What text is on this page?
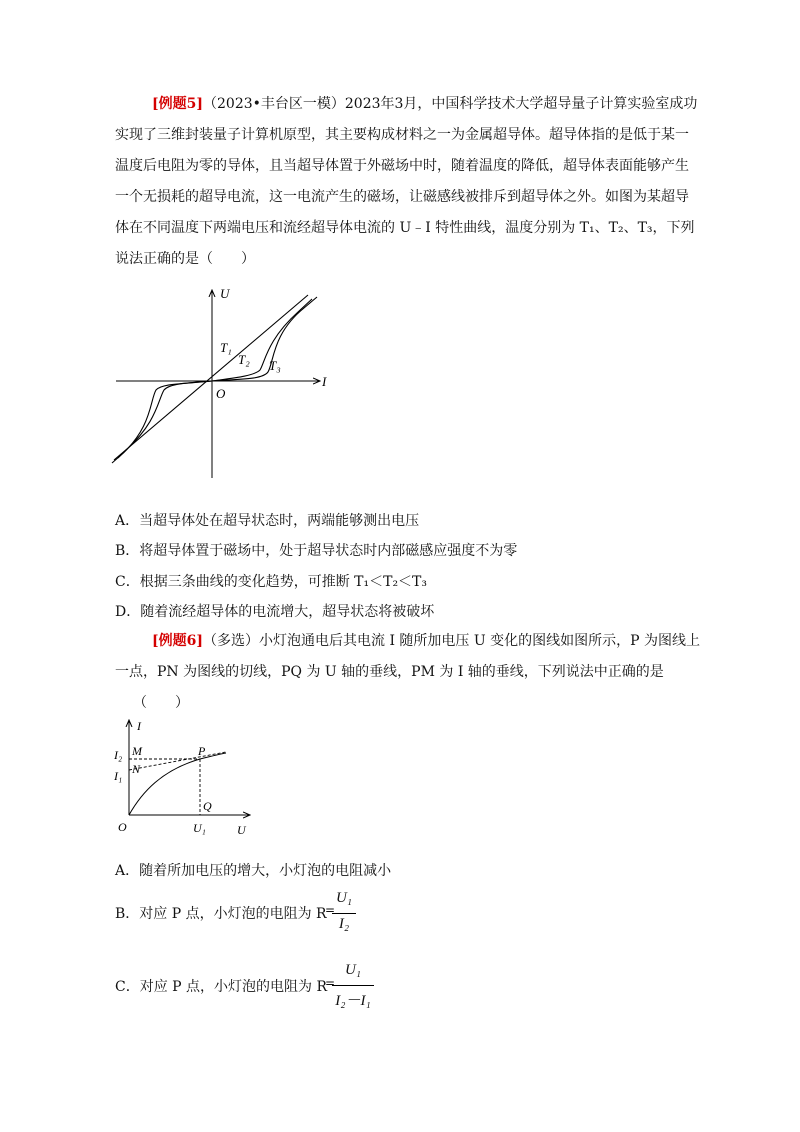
[例题5]（2023•丰台区一模）2023年3月，中国科学技术大学超导量子计算实验室成功
实现了三维封装量子计算机原型，其主要构成材料之一为金属超导体。超导体指的是低于某一
温度后电阻为零的导体，且当超导体置于外磁场中时，随着温度的降低，超导体表面能够产生
一个无损耗的超导电流，这一电流产生的磁场，让磁感线被排斥到超导体之外。如图为某超导
体在不同温度下两端电压和流经超导体电流的 U﹣I 特性曲线，温度分别为 T₁、T₂、T₃，下列
说法正确的是（　　）
U
I
O
T₁
T₂ T₃
A．当超导体处在超导状态时，两端能够测出电压
B．将超导体置于磁场中，处于超导状态时内部磁感应强度不为零
C．根据三条曲线的变化趋势，可推断 T₁＜T₂＜T₃
D．随着流经超导体的电流增大，超导状态将被破坏
[例题6]（多选）小灯泡通电后其电流 I 随所加电压 U 变化的图线如图所示，P 为图线上
一点，PN 为图线的切线，PQ 为 U 轴的垂线，PM 为 I 轴的垂线，下列说法中正确的是
（　　）
I
U
O
I₂
I₁
M
N
P
Q
U₁
A．随着所加电压的增大，小灯泡的电阻减小
B．对应 P 点，小灯泡的电阻为 R
=
U₁
I₂
C．对应 P 点，小灯泡的电阻为 R
=
U₁
I₂－I₁
